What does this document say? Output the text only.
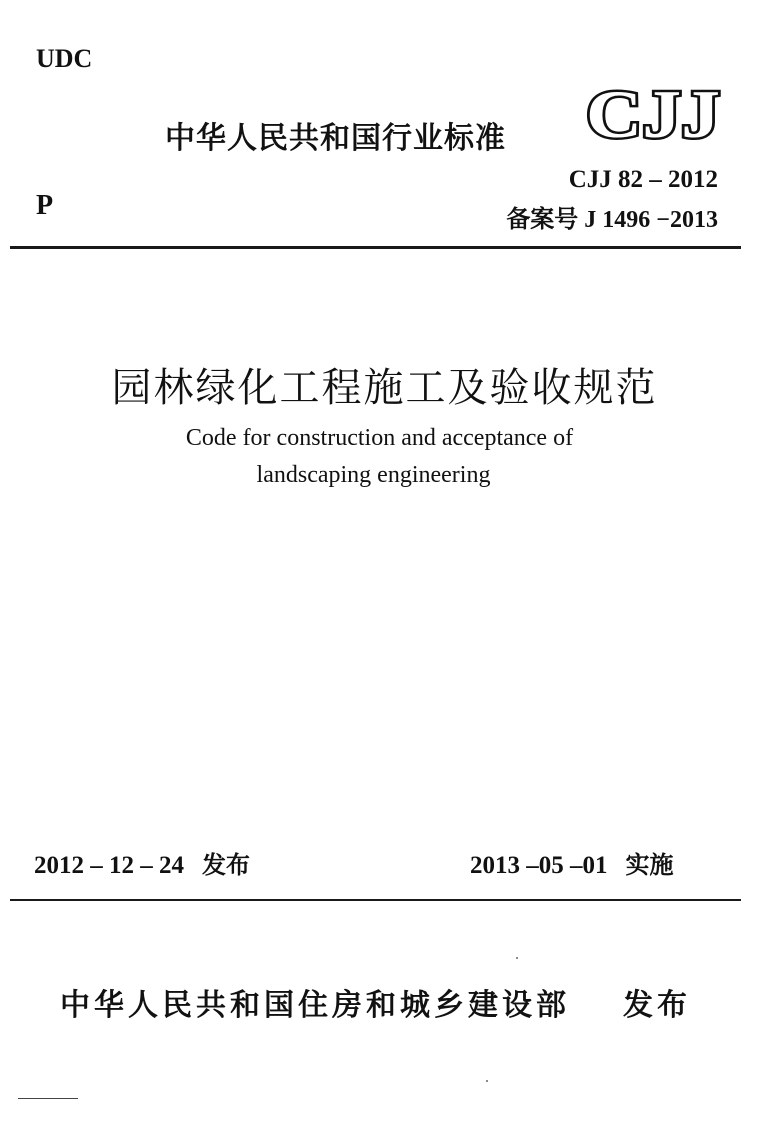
UDC
P
中华人民共和国行业标准 CJJ
CJJ 82 – 2012
备案号 J 1496 −2013
园林绿化工程施工及验收规范
Code for construction and acceptance of
landscaping engineering
2012 – 12 – 24 发布	2013 –05 –01 实施
中华人民共和国住房和城乡建设部 发布
